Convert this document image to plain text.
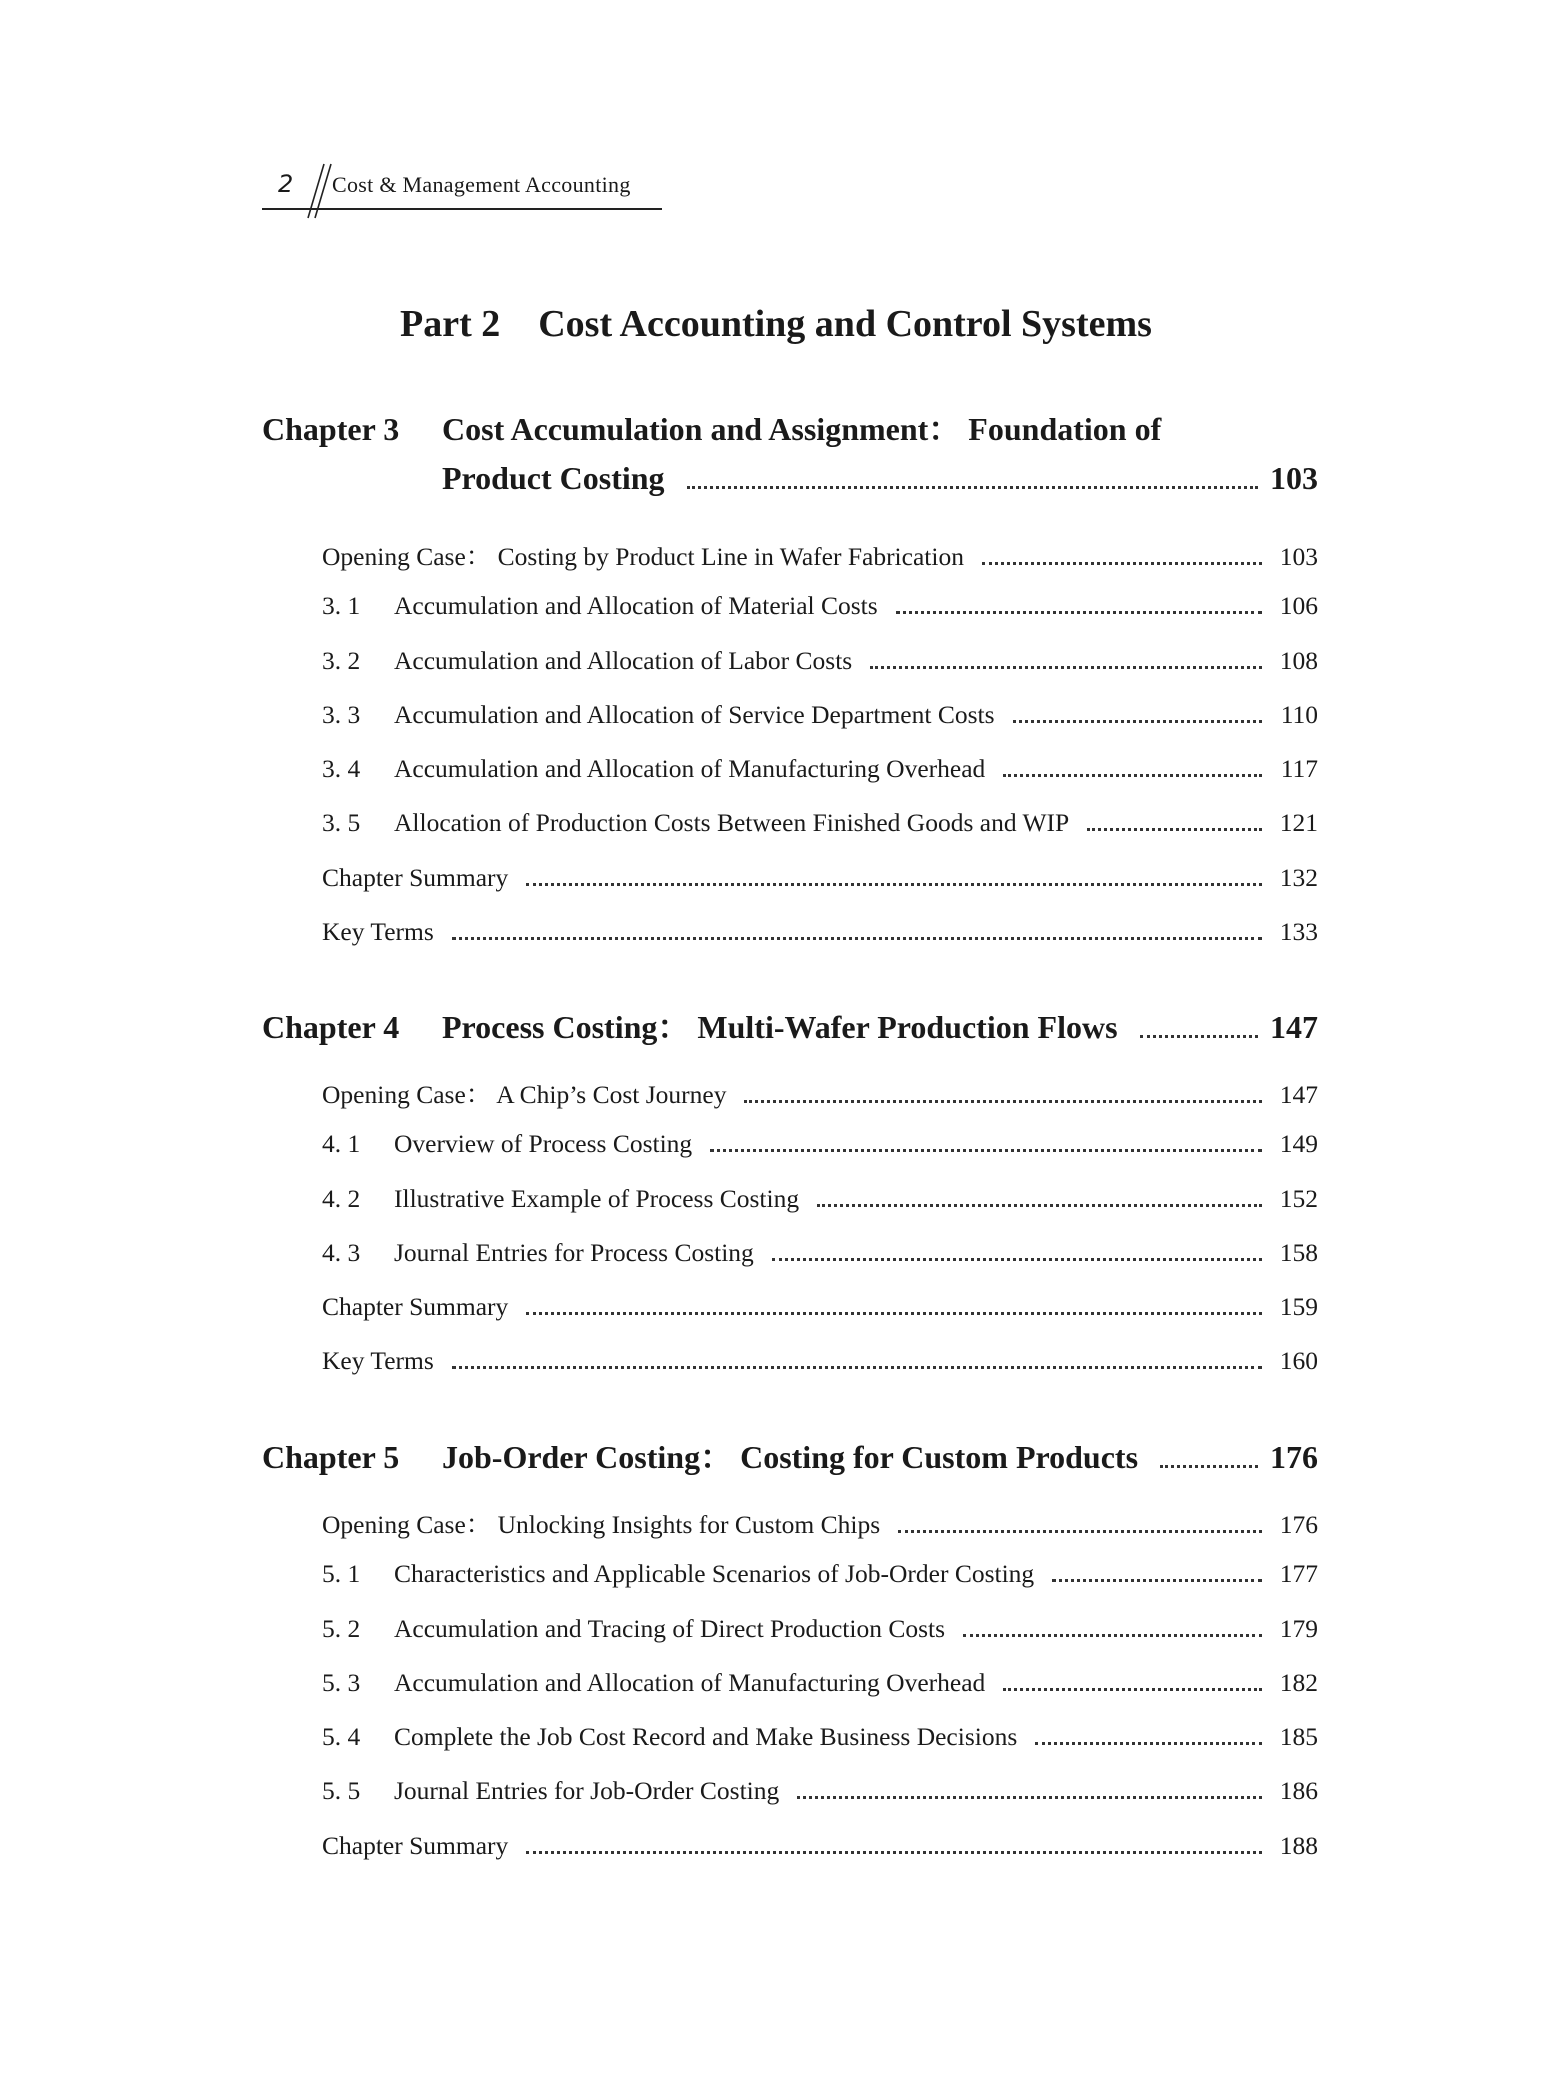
2 Cost & Management Accounting
Part 2    Cost Accounting and Control Systems
Chapter 3	Cost Accumulation and Assignment： Foundation of
Product Costing	103
Opening Case： Costing by Product Line in Wafer Fabrication	103
3. 1	Accumulation and Allocation of Material Costs	106
3. 2	Accumulation and Allocation of Labor Costs	108
3. 3	Accumulation and Allocation of Service Department Costs	110
3. 4	Accumulation and Allocation of Manufacturing Overhead	117
3. 5	Allocation of Production Costs Between Finished Goods and WIP	121
Chapter Summary	132
Key Terms	133
Chapter 4	Process Costing： Multi-Wafer Production Flows	147
Opening Case： A Chip’s Cost Journey	147
4. 1	Overview of Process Costing	149
4. 2	Illustrative Example of Process Costing	152
4. 3	Journal Entries for Process Costing	158
Chapter Summary	159
Key Terms	160
Chapter 5	Job-Order Costing： Costing for Custom Products	176
Opening Case： Unlocking Insights for Custom Chips	176
5. 1	Characteristics and Applicable Scenarios of Job-Order Costing	177
5. 2	Accumulation and Tracing of Direct Production Costs	179
5. 3	Accumulation and Allocation of Manufacturing Overhead	182
5. 4	Complete the Job Cost Record and Make Business Decisions	185
5. 5	Journal Entries for Job-Order Costing	186
Chapter Summary	188
